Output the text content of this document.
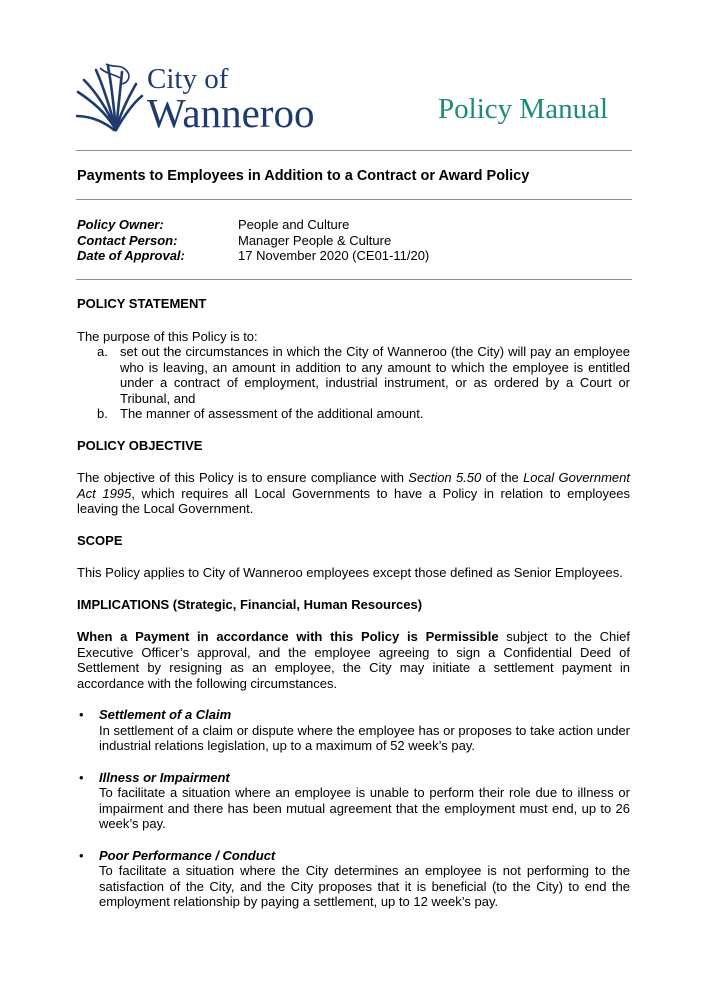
City of
Wanneroo	Policy Manual
Payments to Employees in Addition to a Contract or Award Policy
Policy Owner:	People and Culture
Contact Person:	Manager People & Culture
Date of Approval:	17 November 2020 (CE01-11/20)

POLICY STATEMENT

The purpose of this Policy is to:

a. set out the circumstances in which the City of Wanneroo (the City) will pay an employee who is leaving, an amount in addition to any amount to which the employee is entitled under a contract of employment, industrial instrument, or as ordered by a Court or Tribunal, and
b. The manner of assessment of the additional amount.

POLICY OBJECTIVE

The objective of this Policy is to ensure compliance with Section 5.50 of the Local Government Act 1995, which requires all Local Governments to have a Policy in relation to employees leaving the Local Government.

SCOPE

This Policy applies to City of Wanneroo employees except those defined as Senior Employees.

IMPLICATIONS (Strategic, Financial, Human Resources)

When a Payment in accordance with this Policy is Permissible subject to the Chief Executive Officer’s approval, and the employee agreeing to sign a Confidential Deed of Settlement by resigning as an employee, the City may initiate a settlement payment in accordance with the following circumstances.

• Settlement of a Claim
In settlement of a claim or dispute where the employee has or proposes to take action under industrial relations legislation, up to a maximum of 52 week’s pay.
• Illness or Impairment
To facilitate a situation where an employee is unable to perform their role due to illness or impairment and there has been mutual agreement that the employment must end, up to 26 week’s pay.
• Poor Performance / Conduct
To facilitate a situation where the City determines an employee is not performing to the satisfaction of the City, and the City proposes that it is beneficial (to the City) to end the employment relationship by paying a settlement, up to 12 week’s pay.
